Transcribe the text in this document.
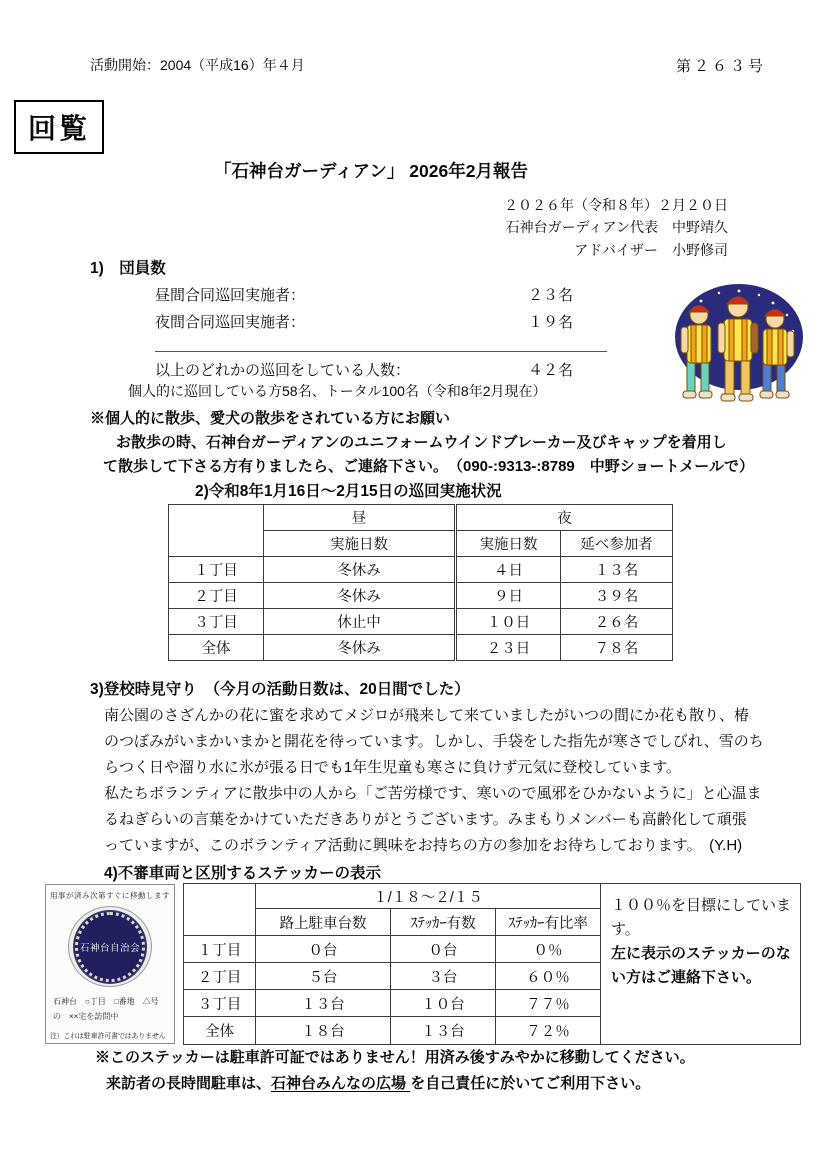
活動開始：2004（平成16）年４月	第２６３号
回覧
「石神台ガーディアン」 2026年2月報告
２０２６年（令和８年）２月２０日
石神台ガーディアン代表　中野靖久
アドバイザー　小野修司
1)　団員数
昼間合同巡回実施者：	２３名
夜間合同巡回実施者：	１９名
以上のどれかの巡回をしている人数：	４２名
個人的に巡回している方58名、トータル100名（令和8年2月現在）
※個人的に散歩、愛犬の散歩をされている方にお願い
お散歩の時、石神台ガーディアンのユニフォームウインドブレーカー及びキャップを着用し
て散歩して下さる方有りましたら、ご連絡下さい。　（090-:9313-:8789　中野ショートメールで）
2)令和8年1月16日～2月15日の巡回実施状況
	昼	夜	
	実施日数	実施日数	延べ参加者
１丁目	冬休み	４日	１３名
２丁目	冬休み	９日	３９名
３丁目	休止中	１０日	２６名
全体	冬休み	２３日	７８名
3)登校時見守り　（今月の活動日数は、20日間でした）
南公園のさざんかの花に蜜を求めてメジロが飛来して来ていましたがいつの間にか花も散り、椿
のつぼみがいまかいまかと開花を待っています。しかし、手袋をした指先が寒さでしびれ、雪のち
らつく日や溜り水に氷が張る日でも1年生児童も寒さに負けず元気に登校しています。
私たちボランティアに散歩中の人から「ご苦労様です、寒いので風邪をひかないように」と心温ま
るねぎらいの言葉をかけていただきありがとうございます。みまもりメンバーも高齢化して頑張
っていますが、このボランティア活動に興味をお持ちの方の参加をお待ちしております。　(Y.H)
4)不審車両と区別するステッカーの表示
用事が済み次第すぐに移動します
石神台自治会
石神台　○丁目　□番地　△号
の　××宅を訪問中
注）これは駐車許可書ではありません
	１/１８～２/１５			１００％を目標にしています。
左に表示のステッカーのない方はご連絡下さい。

	路上駐車台数	ｽﾃｯｶｰ有数	ｽﾃｯｶｰ有比率	
１丁目	０台	０台	０％	
２丁目	５台	３台	６０％	
３丁目	１３台	１０台	７７％	
全体	１８台	１３台	７２％	
※このステッカーは駐車許可証ではありません！用済み後すみやかに移動してください。
来訪者の長時間駐車は、石神台みんなの広場 を自己責任に於いてご利用下さい。
